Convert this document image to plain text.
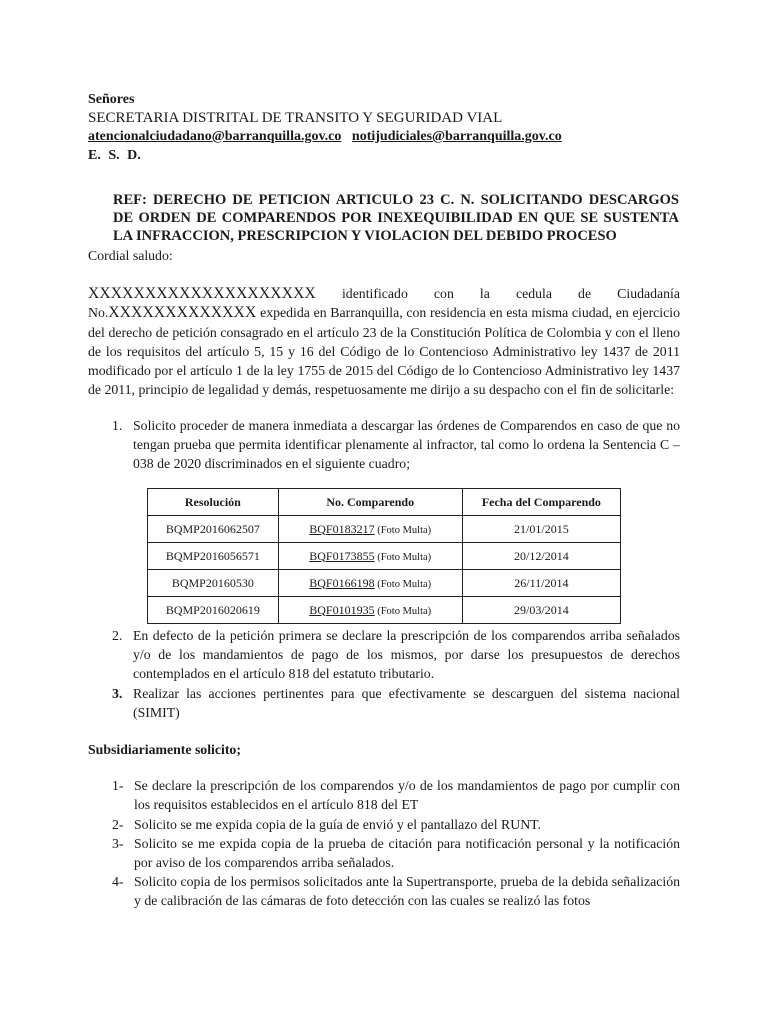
Señores
SECRETARIA DISTRITAL DE TRANSITO Y SEGURIDAD VIAL
atencionalciudadano@barranquilla.gov.co notijudiciales@barranquilla.gov.co
E. S. D.
REF: DERECHO DE PETICION ARTICULO 23 C. N. SOLICITANDO DESCARGOS DE ORDEN DE COMPARENDOS POR INEXEQUIBILIDAD EN QUE SE SUSTENTA LA INFRACCION, PRESCRIPCION Y VIOLACION DEL DEBIDO PROCESO
Cordial saludo:
XXXXXXXXXXXXXXXXXXXX identificado con la cedula de Ciudadanía No.XXXXXXXXXXXXX expedida en Barranquilla, con residencia en esta misma ciudad, en ejercicio del derecho de petición consagrado en el artículo 23 de la Constitución Política de Colombia y con el lleno de los requisitos del artículo 5, 15 y 16 del Código de lo Contencioso Administrativo ley 1437 de 2011 modificado por el artículo 1 de la ley 1755 de 2015 del Código de lo Contencioso Administrativo ley 1437 de 2011, principio de legalidad y demás, respetuosamente me dirijo a su despacho con el fin de solicitarle:
1. Solicito proceder de manera inmediata a descargar las órdenes de Comparendos en caso de que no tengan prueba que permita identificar plenamente al infractor, tal como lo ordena la Sentencia C – 038 de 2020 discriminados en el siguiente cuadro;
Resolución	No. Comparendo	Fecha del Comparendo
BQMP2016062507	BQF0183217 (Foto Multa)	21/01/2015
BQMP2016056571	BQF0173855 (Foto Multa)	20/12/2014
BQMP20160530	BQF0166198 (Foto Multa)	26/11/2014
BQMP2016020619	BQF0101935 (Foto Multa)	29/03/2014
2. En defecto de la petición primera se declare la prescripción de los comparendos arriba señalados y/o de los mandamientos de pago de los mismos, por darse los presupuestos de derechos contemplados en el artículo 818 del estatuto tributario.
3. Realizar las acciones pertinentes para que efectivamente se descarguen del sistema nacional (SIMIT)
Subsidiariamente solicito;
1- Se declare la prescripción de los comparendos y/o de los mandamientos de pago por cumplir con los requisitos establecidos en el artículo 818 del ET
2- Solicito se me expida copia de la guía de envió y el pantallazo del RUNT.
3- Solicito se me expida copia de la prueba de citación para notificación personal y la notificación por aviso de los comparendos arriba señalados.
4- Solicito copia de los permisos solicitados ante la Supertransporte, prueba de la debida señalización y de calibración de las cámaras de foto detección con las cuales se realizó las fotos
